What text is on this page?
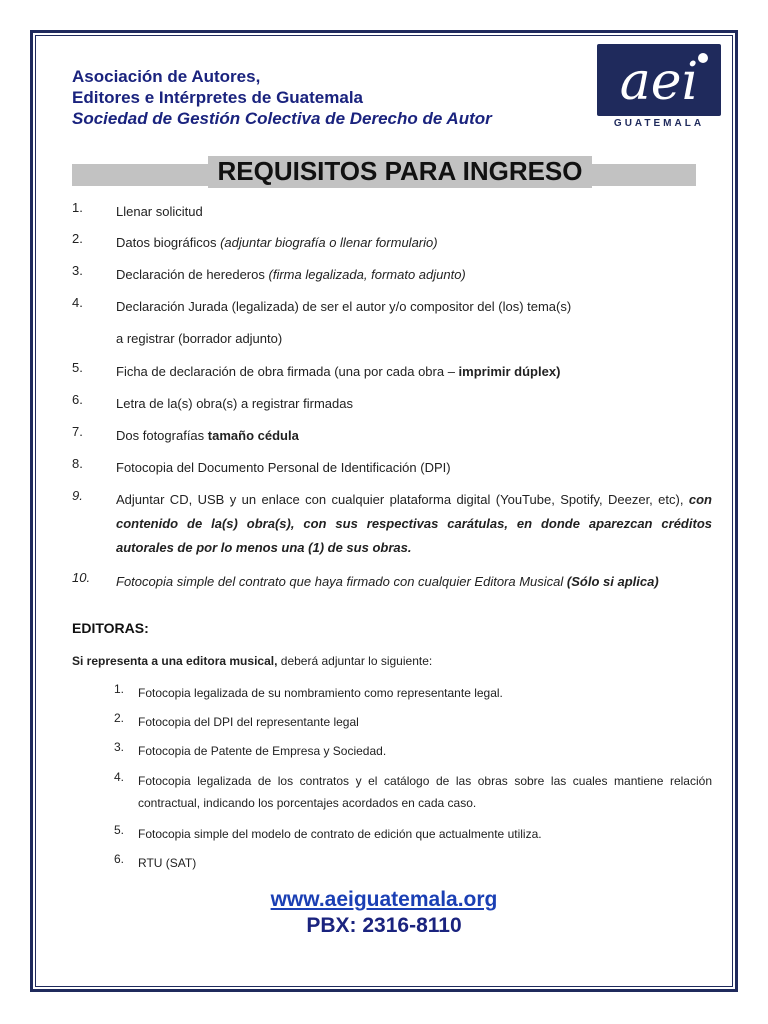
Asociación de Autores,

Editores e Intérpretes de Guatemala

Sociedad de Gestión Colectiva de Derecho de Autor

aei
GUATEMALA
REQUISITOS PARA INGRESO
1.	Llenar solicitud
2.	Datos biográficos (adjuntar biografía o llenar formulario)
3.	Declaración de herederos (firma legalizada, formato adjunto)
4.	Declaración Jurada (legalizada) de ser el autor y/o compositor del (los) tema(s)
a registrar (borrador adjunto)
5.	Ficha de declaración de obra firmada (una por cada obra – imprimir dúplex)
6.	Letra de la(s) obra(s) a registrar firmadas
7.	Dos fotografías tamaño cédula
8.	Fotocopia del Documento Personal de Identificación (DPI)
9.	Adjuntar CD, USB y un enlace con cualquier plataforma digital (YouTube, Spotify, Deezer, etc), con contenido de la(s) obra(s), con sus respectivas carátulas, en donde aparezcan créditos autorales de por lo menos una (1) de sus obras.
10.	Fotocopia simple del contrato que haya firmado con cualquier Editora Musical (Sólo si aplica)
EDITORAS:
Si representa a una editora musical, deberá adjuntar lo siguiente:
1.	Fotocopia legalizada de su nombramiento como representante legal.
2.	Fotocopia del DPI del representante legal
3.	Fotocopia de Patente de Empresa y Sociedad.
4.	Fotocopia legalizada de los contratos y el catálogo de las obras sobre las cuales mantiene relación contractual, indicando los porcentajes acordados en cada caso.
5.	Fotocopia simple del modelo de contrato de edición que actualmente utiliza.
6.	RTU (SAT)
www.aeiguatemala.org
PBX: 2316-8110
